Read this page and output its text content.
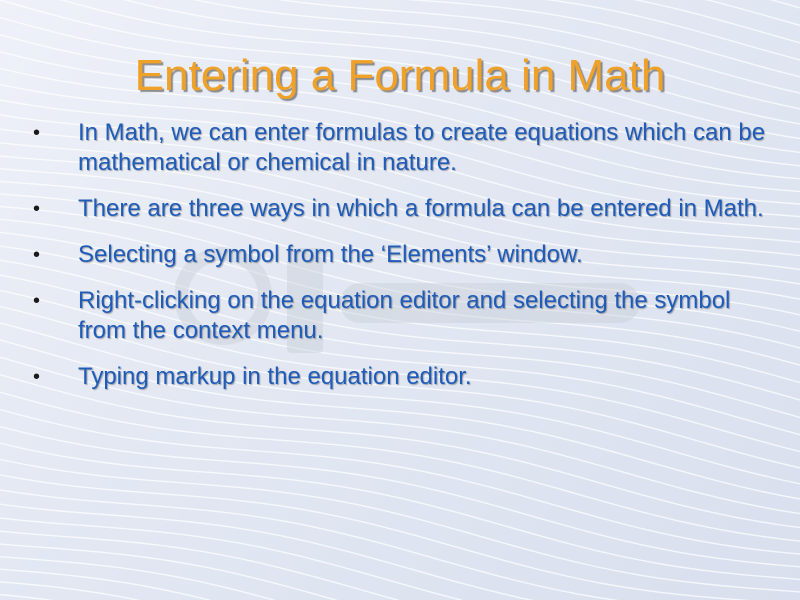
Entering a Formula in Math
• In Math, we can enter formulas to create equations which can be mathematical or chemical in nature.
• There are three ways in which a formula can be entered in Math.
• Selecting a symbol from the ‘Elements’ window.
• Right-clicking on the equation editor and selecting the symbol from the context menu.
• Typing markup in the equation editor.
